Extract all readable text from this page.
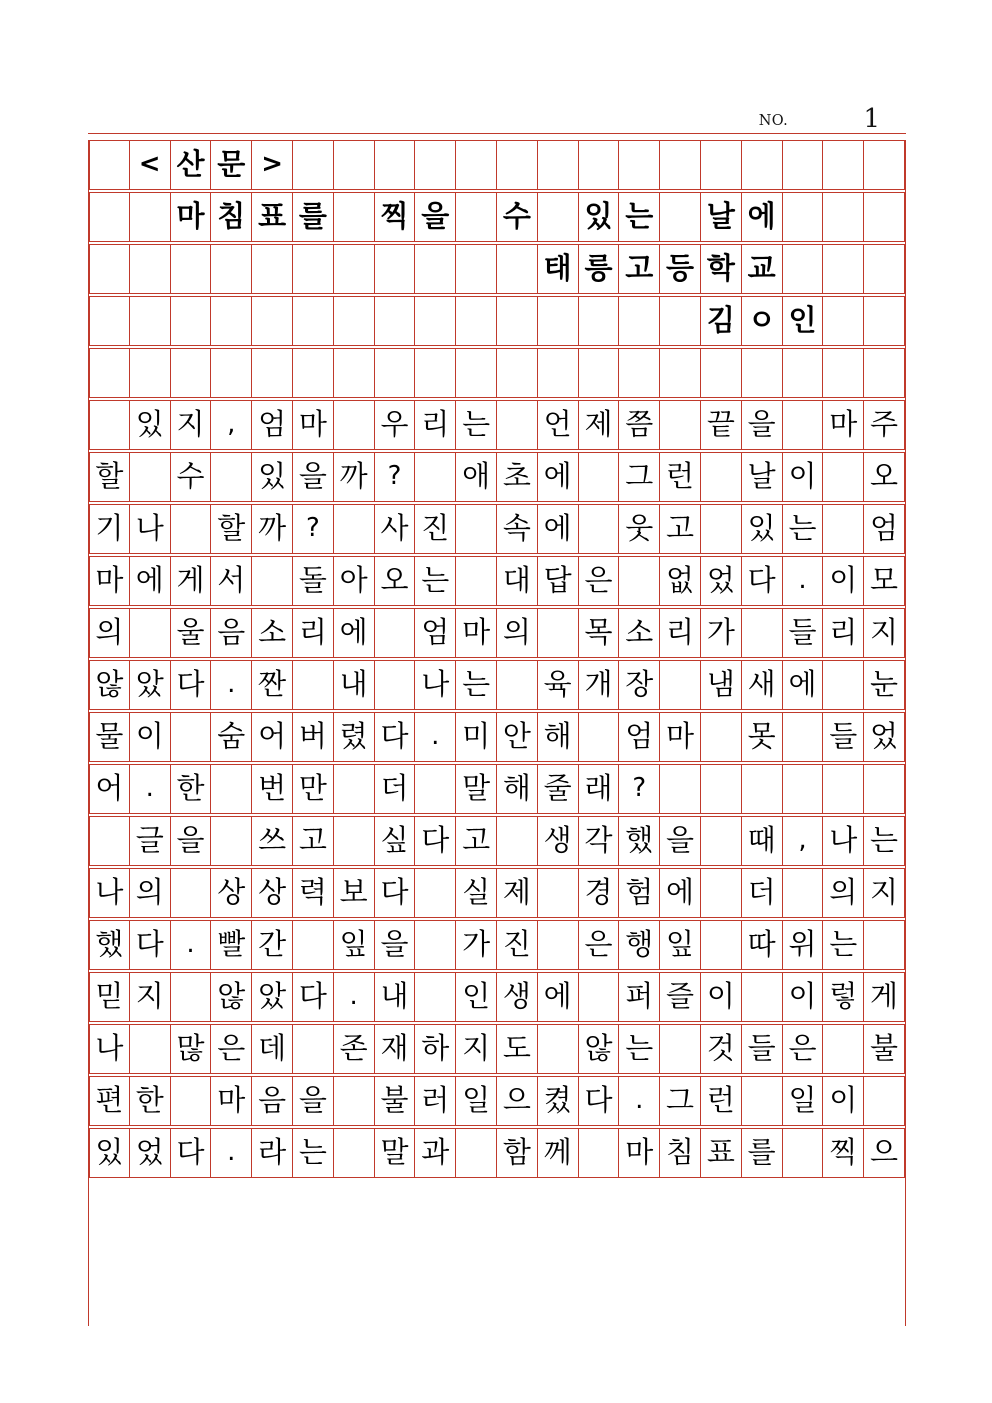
NO.	1
< 산 문 >
마 침 표 를 찍 을 수 있 는 날 에
태 릉 고 등 학 교
김 ㅇ 인
있 지 , 엄 마 우 리 는 언 제 쯤 끝 을 마 주
할 수 있 을 까 ?	애 초 에 그 런 날 이 오
기 나 할 까 ?	사 진 속 에 웃 고 있 는 엄
마 에 게 서 돌 아 오 는 대 답 은 없 었 다 . 이 모
의 울 음 소 리 에 엄 마 의 목 소 리 가 들 리 지
않 았 다 . 짠 내 나 는 육 개 장 냄 새 에 눈
물 이 숨 어 버 렸 다 . 미 안 해 엄 마 못 들 었
어 . 한 번 만 더 말 해 줄 래 ?
글 을 쓰 고 싶 다 고 생 각 했 을 때 , 나 는
나 의 상 상 력 보 다 실 제 경 험 에 더 의 지
했 다 . 빨 간 잎 을 가 진 은 행 잎 따 위 는
믿 지 않 았 다 . 내 인 생 에 퍼 즐 이 이 렇 게
나 많 은 데 존 재 하 지 도 않 는 것 들 은 불
편 한 마 음 을 불 러 일 으 켰 다 . 그 런 일 이
있 었 다 . 라 는 말 과 함 께 마 침 표 를 찍 으
